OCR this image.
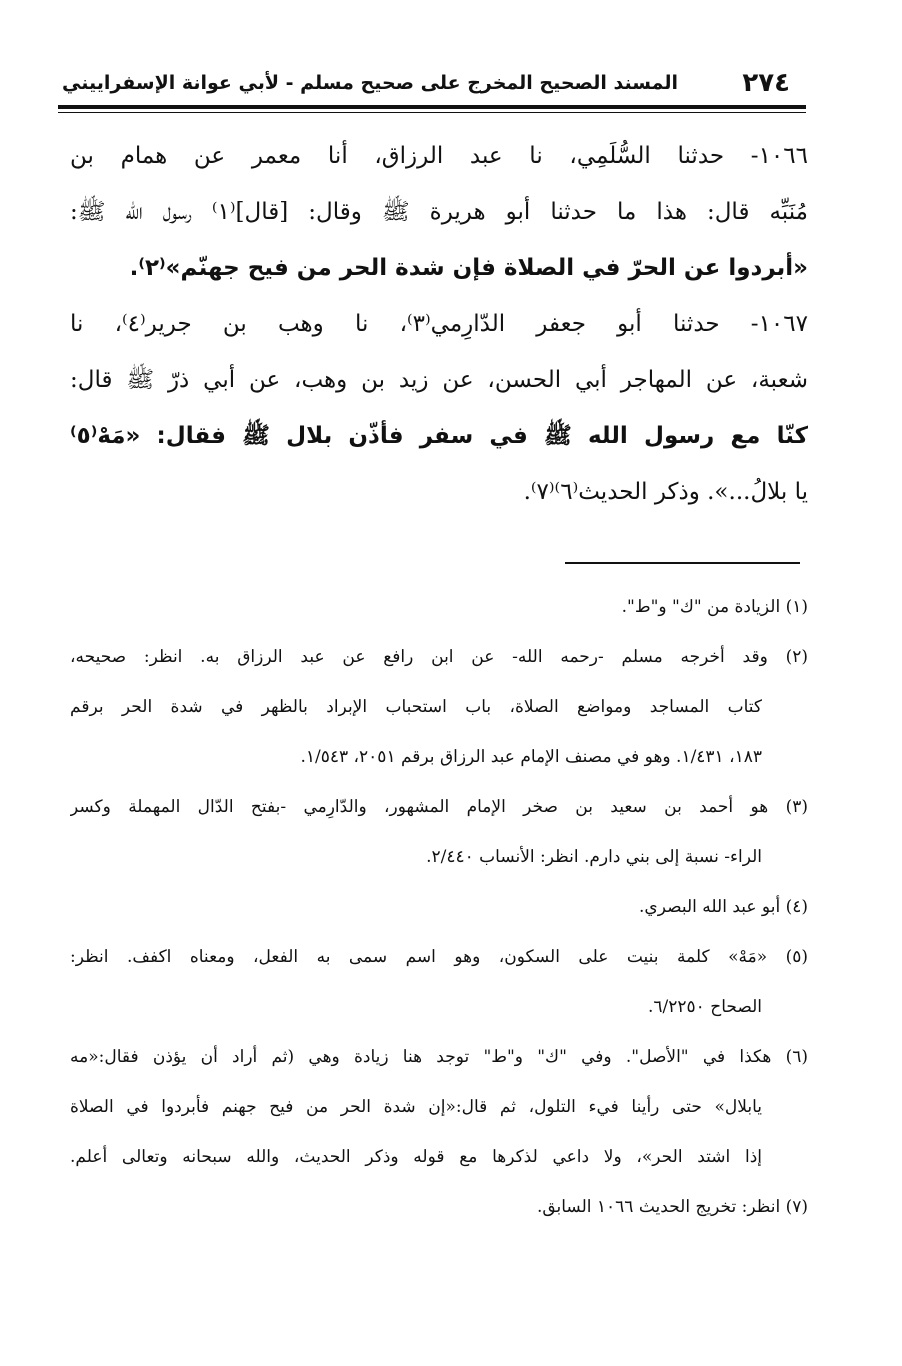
٢٧٤
المسند الصحيح المخرج على صحيح مسلم - لأبي عوانة الإسفراييني
١٠٦٦- حدثنا السُّلَمِي، نا عبد الرزاق، أنا معمر عن همام بن
مُنَبِّه قال: هذا ما حدثنا أبو هريرة ﷺ وقال: [قال]⁽١⁾ رسول الله ﷺ:
«أبردوا عن الحرّ في الصلاة فإن شدة الحر من فيح جهنّم»⁽٢⁾.
١٠٦٧- حدثنا أبو جعفر الدّارِمي⁽٣⁾، نا وهب بن جرير⁽٤⁾، نا
شعبة، عن المهاجر أبي الحسن، عن زيد بن وهب، عن أبي ذرّ ﷺ قال:
كنّا مع رسول الله ﷺ في سفر فأذّن بلال ﷺ فقال: «مَهْ⁽٥⁾
يا بلالُ...». وذكر الحديث⁽٦⁾⁽٧⁾.
(١) الزيادة من "ك" و"ط".
(٢) وقد أخرجه مسلم -رحمه الله- عن ابن رافع عن عبد الرزاق به. انظر: صحيحه،
كتاب المساجد ومواضع الصلاة، باب استحباب الإبراد بالظهر في شدة الحر برقم
١٨٣، ١/٤٣١. وهو في مصنف الإمام عبد الرزاق برقم ٢٠٥١، ١/٥٤٣.
(٣) هو أحمد بن سعيد بن صخر الإمام المشهور، والدّارِمي -بفتح الدّال المهملة وكسر
الراء- نسبة إلى بني دارم. انظر: الأنساب ٢/٤٤٠.
(٤) أبو عبد الله البصري.
(٥) «مَهْ» كلمة بنيت على السكون، وهو اسم سمى به الفعل، ومعناه اكفف. انظر:
الصحاح ٦/٢٢٥٠.
(٦) هكذا في "الأصل". وفي "ك" و"ط" توجد هنا زيادة وهي (ثم أراد أن يؤذن فقال:«مه
يابلال» حتى رأينا فيء التلول، ثم قال:«إن شدة الحر من فيح جهنم فأبردوا في الصلاة
إذا اشتد الحر»، ولا داعي لذكرها مع قوله وذكر الحديث، والله سبحانه وتعالى أعلم.
(٧) انظر: تخريج الحديث ١٠٦٦ السابق.
